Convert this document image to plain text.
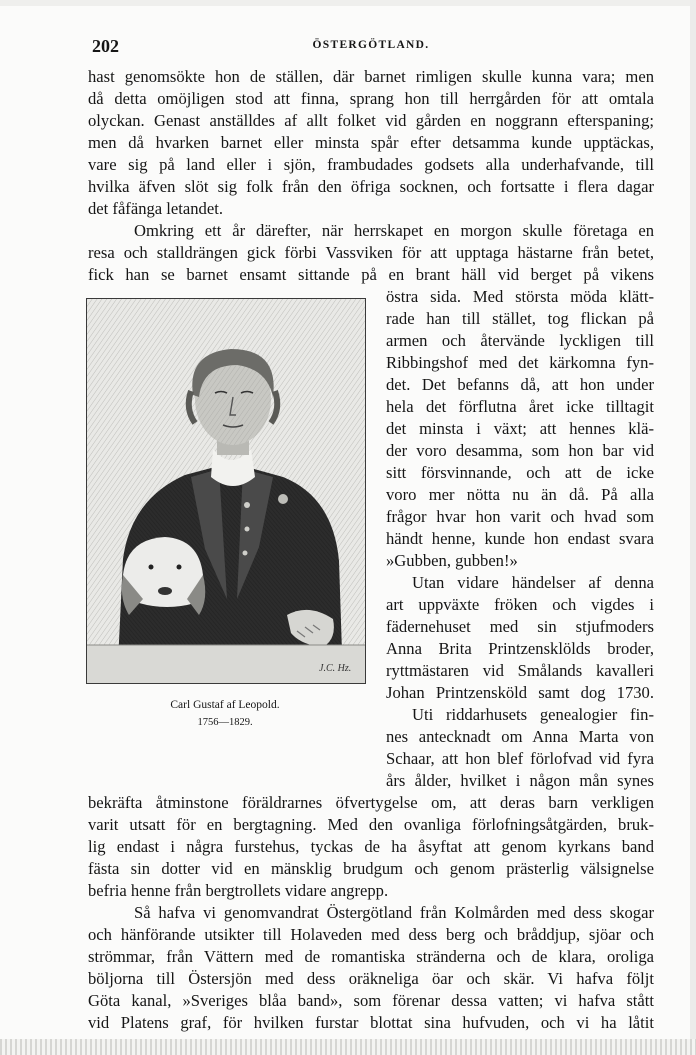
202	ÖSTERGÖTLAND.
hast genomsökte hon de ställen, där barnet rimligen skulle kunna vara; men
då detta omöjligen stod att finna, sprang hon till herrgården för att omtala
olyckan. Genast anställdes af allt folket vid gården en noggrann efterspaning;
men då hvarken barnet eller minsta spår efter detsamma kunde upptäckas,
vare sig på land eller i sjön, frambudades godsets alla underhafvande, till
hvilka äfven slöt sig folk från den öfriga socknen, och fortsatte i flera dagar
det fåfänga letandet.
Omkring ett år därefter, när herrskapet en morgon skulle företaga en
resa och stalldrängen gick förbi Vassviken för att upptaga hästarne från betet,
fick han se barnet ensamt sittande på en brant häll vid berget på vikens
östra sida. Med största möda klätt-
rade han till stället, tog flickan på
armen och återvände lyckligen till
Ribbingshof med det kärkomna fyn-
det. Det befanns då, att hon under
hela det förflutna året icke tilltagit
det minsta i växt; att hennes klä-
der voro desamma, som hon bar vid
sitt försvinnande, och att de icke
voro mer nötta nu än då. På alla
frågor hvar hon varit och hvad som
händt henne, kunde hon endast svara
»Gubben, gubben!»
Utan vidare händelser af denna
art uppväxte fröken och vigdes i
fädernehuset med sin stjufmoders
Anna Brita Printzensklölds broder,
ryttmästaren vid Smålands kavalleri
Johan Printzensköld samt dog 1730.
Uti riddarhusets genealogier fin-
nes antecknadt om Anna Marta von
Schaar, att hon blef förlofvad vid fyra
års ålder, hvilket i någon mån synes
bekräfta åtminstone föräldrarnes öfvertygelse om, att deras barn verkligen
varit utsatt för en bergtagning. Med den ovanliga förlofningsåtgärden, bruk-
lig endast i några furstehus, tyckas de ha åsyftat att genom kyrkans band
fästa sin dotter vid en mänsklig brudgum och genom prästerlig välsignelse
befria henne från bergtrollets vidare angrepp.
Så hafva vi genomvandrat Östergötland från Kolmården med dess skogar
och hänförande utsikter till Holaveden med dess berg och bråddjup, sjöar och
strömmar, från Vättern med de romantiska stränderna och de klara, oroliga
böljorna till Östersjön med dess oräkneliga öar och skär. Vi hafva följt
Göta kanal, »Sveriges blåa band», som förenar dessa vatten; vi hafva stått
vid Platens graf, för hvilken furstar blottat sina hufvuden, och vi ha låtit
J.C. Hz.
Carl Gustaf af Leopold.
1756—1829.
